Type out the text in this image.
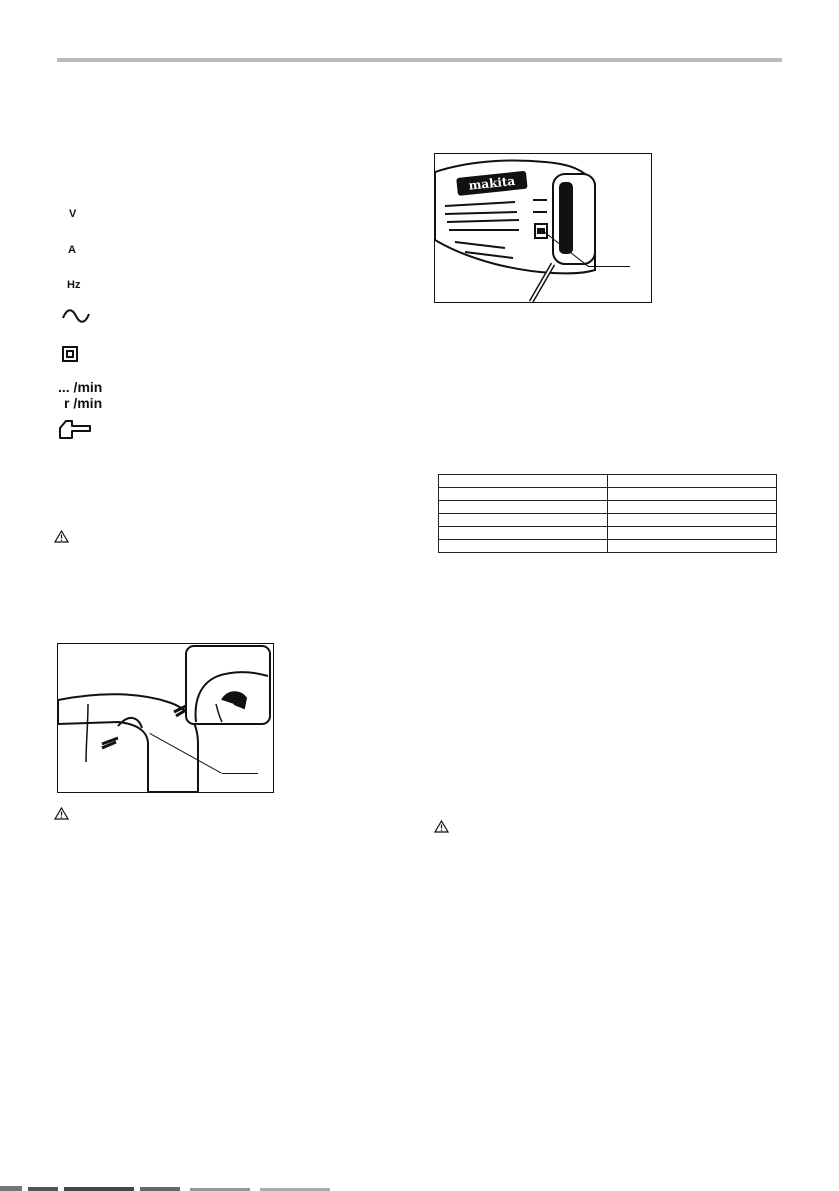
V
A
Hz
... /min
r /min
makita
